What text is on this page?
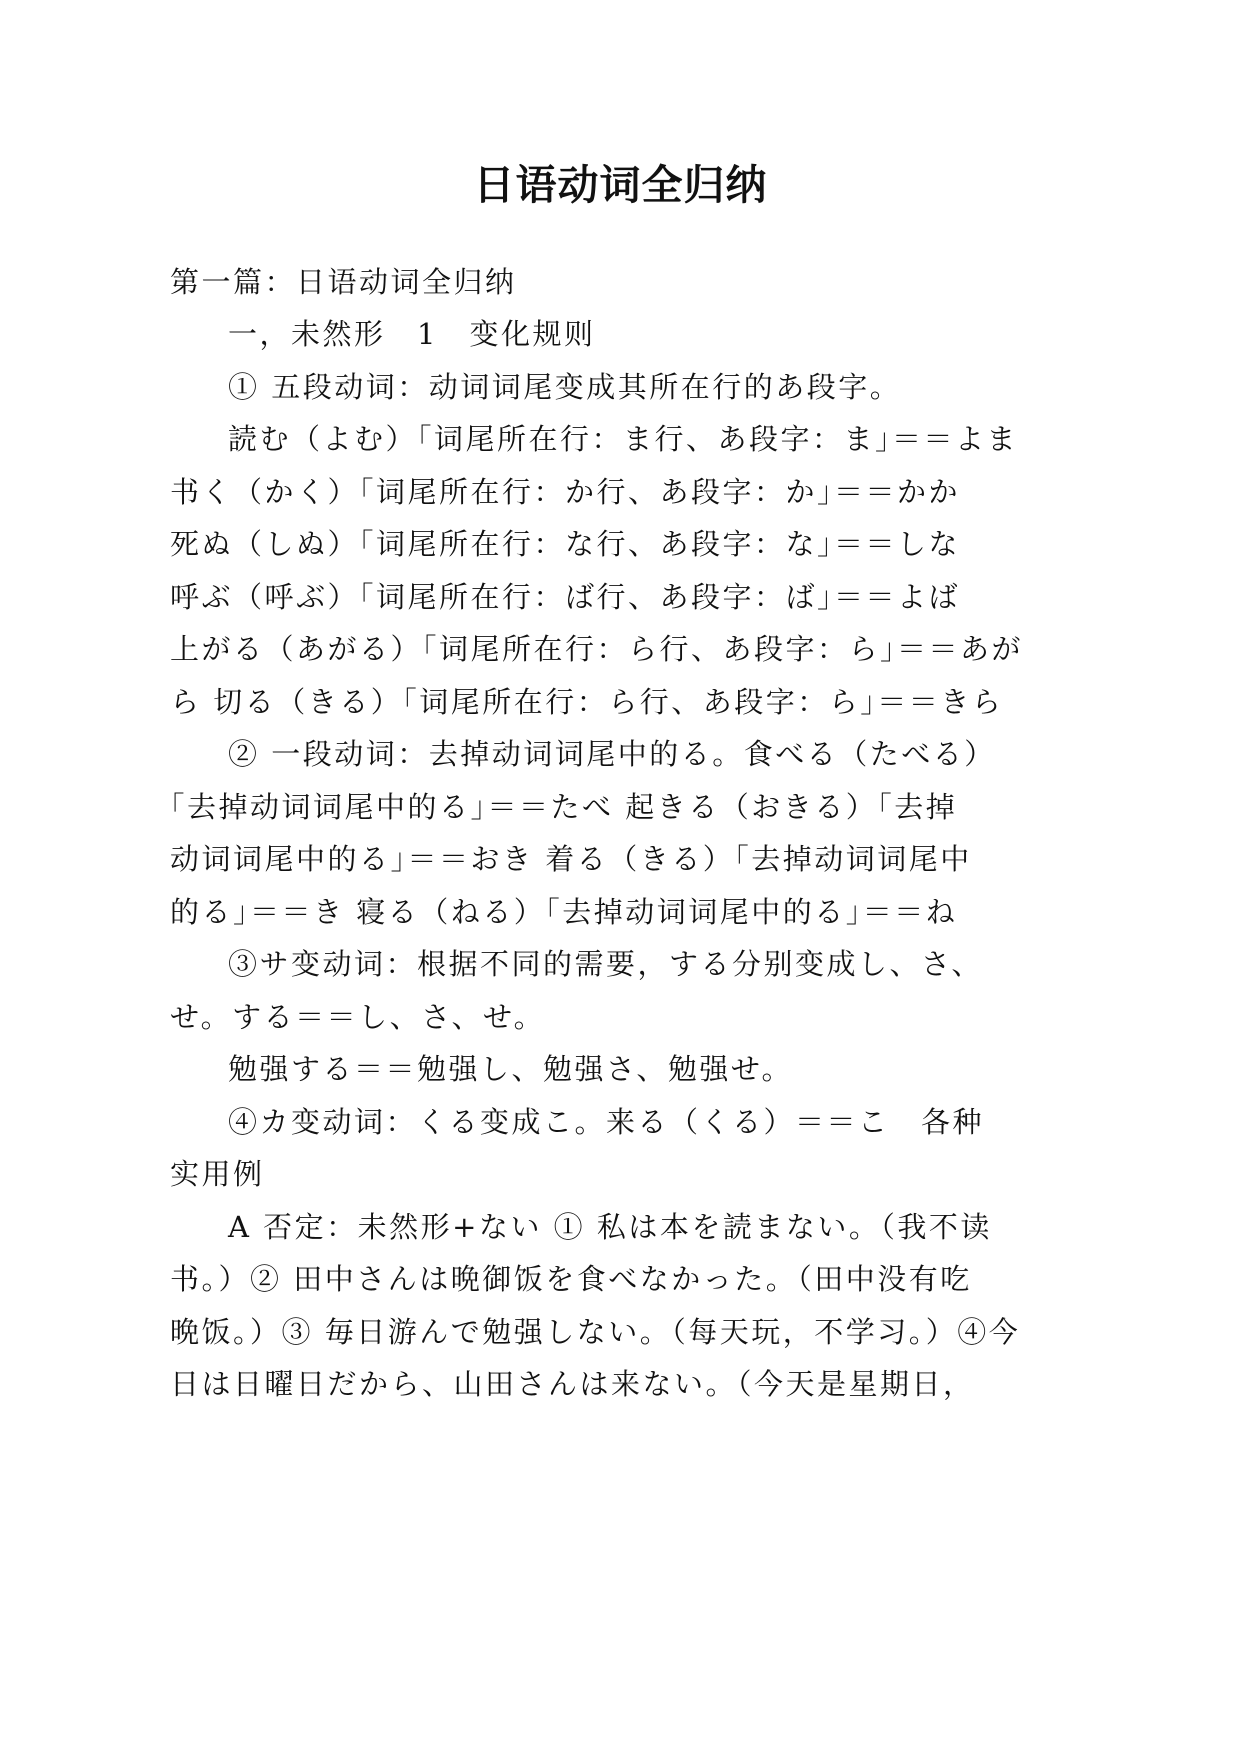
日语动词全归纳
第一篇：日语动词全归纳
一，未然形　1　变化规则
① 五段动词：动词词尾变成其所在行的あ段字。
読む（よむ）｢词尾所在行：ま行、あ段字：ま｣＝＝よま
书く（かく）｢词尾所在行：か行、あ段字：か｣＝＝かか
死ぬ（しぬ）｢词尾所在行：な行、あ段字：な｣＝＝しな
呼ぶ（呼ぶ）｢词尾所在行：ば行、あ段字：ば｣＝＝よば
上がる（あがる）｢词尾所在行：ら行、あ段字：ら｣＝＝あが
ら 切る（きる）｢词尾所在行：ら行、あ段字：ら｣＝＝きら
② 一段动词：去掉动词词尾中的る。食べる（たべる）
｢去掉动词词尾中的る｣＝＝たべ 起きる（おきる）｢去掉
动词词尾中的る｣＝＝おき 着る（きる）｢去掉动词词尾中
的る｣＝＝き 寝る（ねる）｢去掉动词词尾中的る｣＝＝ね
③サ变动词：根据不同的需要，する分别变成し、さ、
せ。する＝＝し、さ、せ。
勉强する＝＝勉强し、勉强さ、勉强せ。
④カ变动词：くる变成こ。来る（くる）＝＝こ　各种
实用例
A 否定：未然形+ない ① 私は本を読まない。（我不读
书。）② 田中さんは晩御饭を食べなかった。（田中没有吃
晩饭。）③ 毎日游んで勉强しない。（每天玩，不学习。）④今
日は日曜日だから、山田さんは来ない。（今天是星期日，
